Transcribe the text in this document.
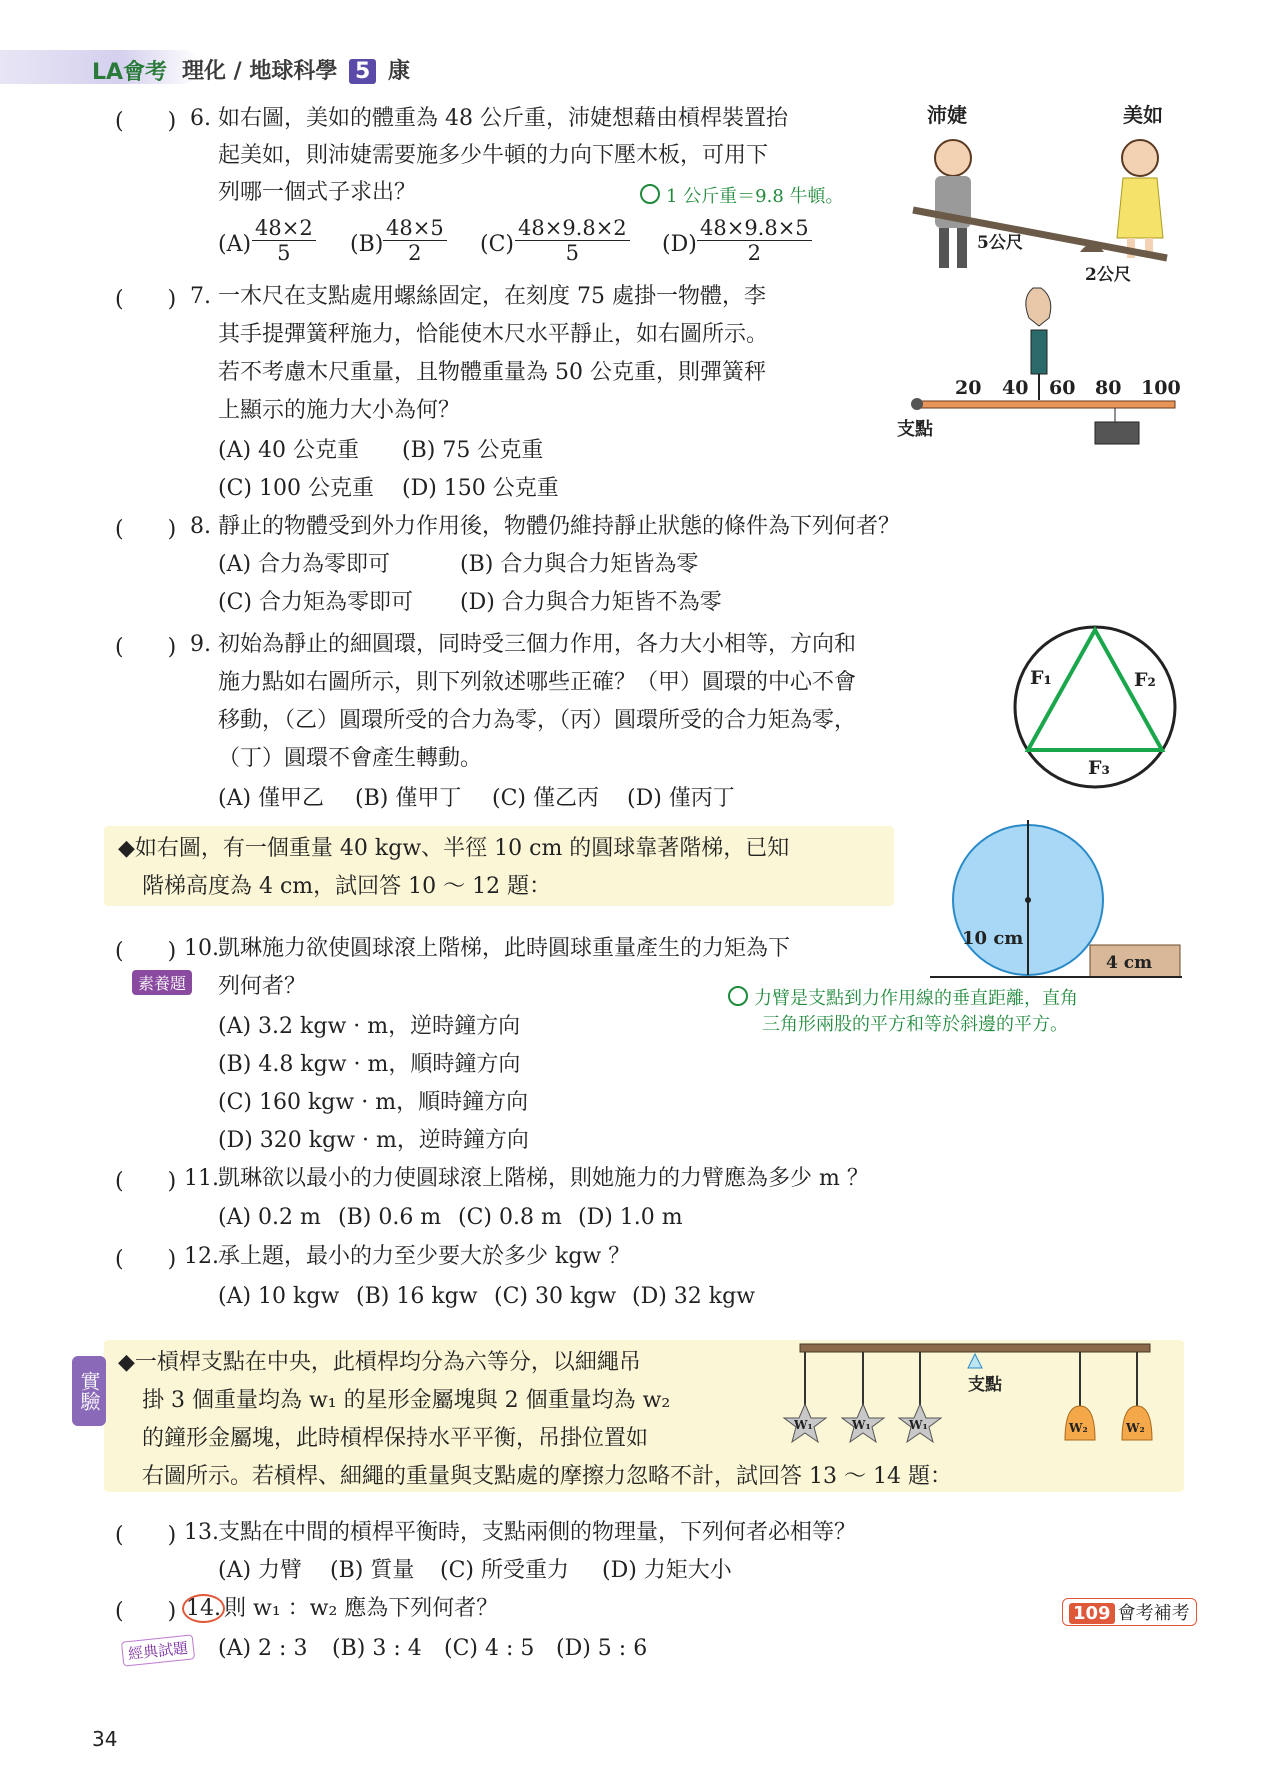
LA會考 理化 / 地球科學 5 康
(　　) 6. 如右圖，美如的體重為 48 公斤重，沛婕想藉由槓桿裝置抬
起美如，則沛婕需要施多少牛頓的力向下壓木板，可用下
列哪一個式子求出？	1 公斤重＝9.8 牛頓。
$(A) \frac{48\times 2}{5} (B) \frac{48\times 5}{2} (C) \frac{48\times 9.8\times 2}{5} (D) \frac{48\times 9.8\times 5}{2}$
沛婕	美如
5公尺
2公尺
(　　) 7. 一木尺在支點處用螺絲固定，在刻度 75 處掛一物體，李
其手提彈簧秤施力，恰能使木尺水平靜止，如右圖所示。
若不考慮木尺重量，且物體重量為 50 公克重，則彈簧秤
上顯示的施力大小為何？
(A) 40 公克重 (B) 75 公克重
(C) 100 公克重 (D) 150 公克重
20 40 60 80 100
支點
(　　) 8. 靜止的物體受到外力作用後，物體仍維持靜止狀態的條件為下列何者？
(A) 合力為零即可	(B) 合力與合力矩皆為零
(C) 合力矩為零即可 (D) 合力與合力矩皆不為零
(　　) 9. 初始為靜止的細圓環，同時受三個力作用，各力大小相等，方向和
施力點如右圖所示，則下列敘述哪些正確？（甲）圓環的中心不會
移動，（乙）圓環所受的合力為零，（丙）圓環所受的合力矩為零，
（丁）圓環不會產生轉動。
(A) 僅甲乙 (B) 僅甲丁 (C) 僅乙丙 (D) 僅丙丁
F₁	F₂
F₃
◆如右圖，有一個重量 40 kgw、半徑 10 cm 的圓球靠著階梯，已知
階梯高度為 4 cm，試回答 10 ～ 12 題：
10 cm
4 cm
(　　) 10. 凱琳施力欲使圓球滾上階梯，此時圓球重量產生的力矩為下
素養題 列何者？	力臂是支點到力作用線的垂直距離，直角
三角形兩股的平方和等於斜邊的平方。
(A) 3.2 kgw · m，逆時鐘方向
(B) 4.8 kgw · m，順時鐘方向
(C) 160 kgw · m，順時鐘方向
(D) 320 kgw · m，逆時鐘方向
(　　) 11. 凱琳欲以最小的力使圓球滾上階梯，則她施力的力臂應為多少 m ？
(A) 0.2 m (B) 0.6 m (C) 0.8 m (D) 1.0 m
(　　) 12. 承上題，最小的力至少要大於多少 kgw ？
(A) 10 kgw (B) 16 kgw (C) 30 kgw (D) 32 kgw
實驗
◆一槓桿支點在中央，此槓桿均分為六等分，以細繩吊
掛 3 個重量均為 w₁ 的星形金屬塊與 2 個重量均為 w₂
的鐘形金屬塊，此時槓桿保持水平平衡，吊掛位置如
右圖所示。若槓桿、細繩的重量與支點處的摩擦力忽略不計，試回答 13 ～ 14 題：
支點
W₁	W₁	W₁	W₂	W₂
(　　) 13. 支點在中間的槓桿平衡時，支點兩側的物理量，下列何者必相等？
(A) 力臂 (B) 質量 (C) 所受重力 (D) 力矩大小
(　　) 14. 則 w₁ ：w₂ 應為下列何者？	109 會考補考
經典試題 (A) 2 : 3 (B) 3 : 4 (C) 4 : 5 (D) 5 : 6
34
